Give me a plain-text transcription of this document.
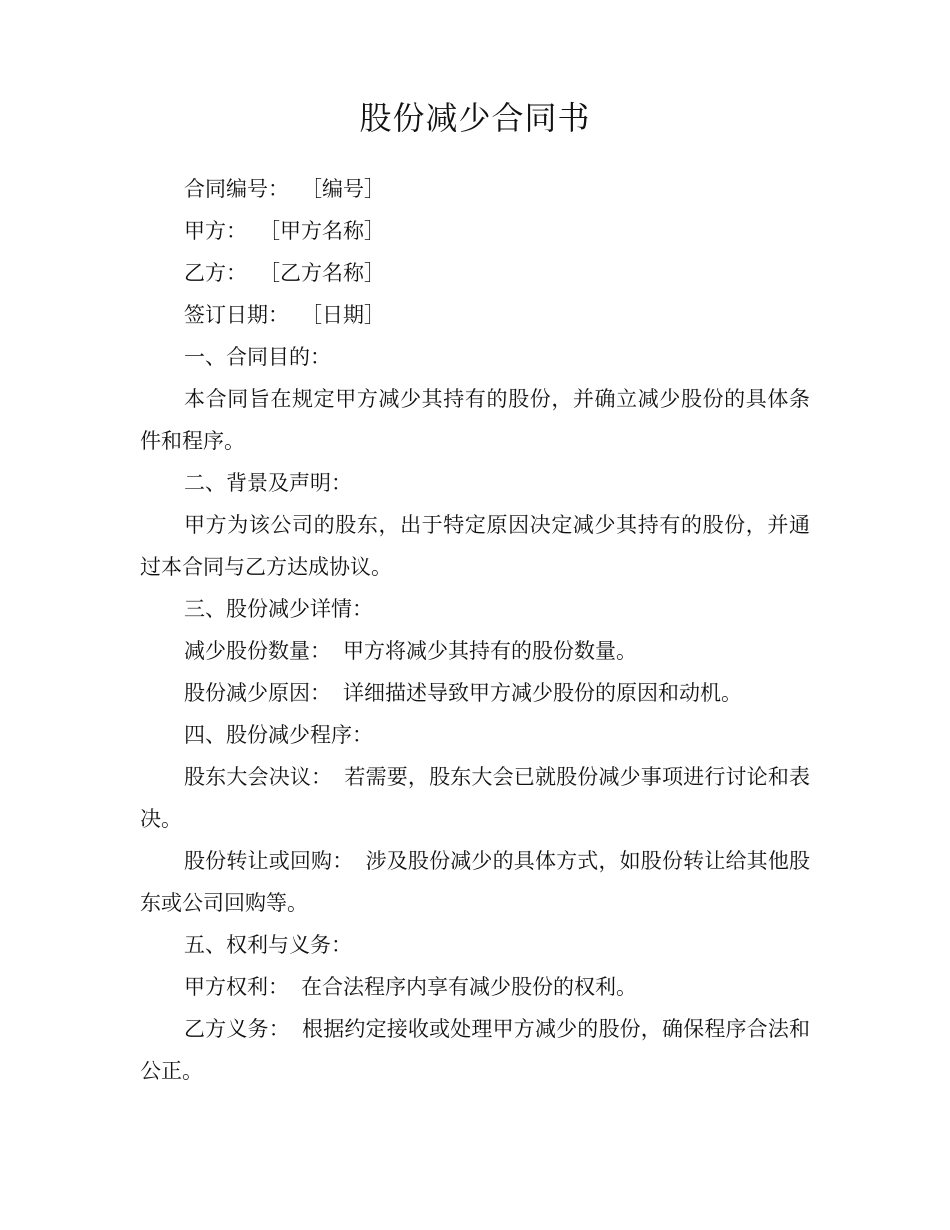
股份减少合同书

合同编号： ［编号］

甲方： ［甲方名称］

乙方： ［乙方名称］

签订日期： ［日期］

一、合同目的：

本合同旨在规定甲方减少其持有的股份，并确立减少股份的具体条件和程序。

二、背景及声明：

甲方为该公司的股东，出于特定原因决定减少其持有的股份，并通过本合同与乙方达成协议。

三、股份减少详情：

减少股份数量： 甲方将减少其持有的股份数量。

股份减少原因： 详细描述导致甲方减少股份的原因和动机。

四、股份减少程序：

股东大会决议： 若需要，股东大会已就股份减少事项进行讨论和表决。

股份转让或回购： 涉及股份减少的具体方式，如股份转让给其他股东或公司回购等。

五、权利与义务：

甲方权利： 在合法程序内享有减少股份的权利。

乙方义务： 根据约定接收或处理甲方减少的股份，确保程序合法和公正。
